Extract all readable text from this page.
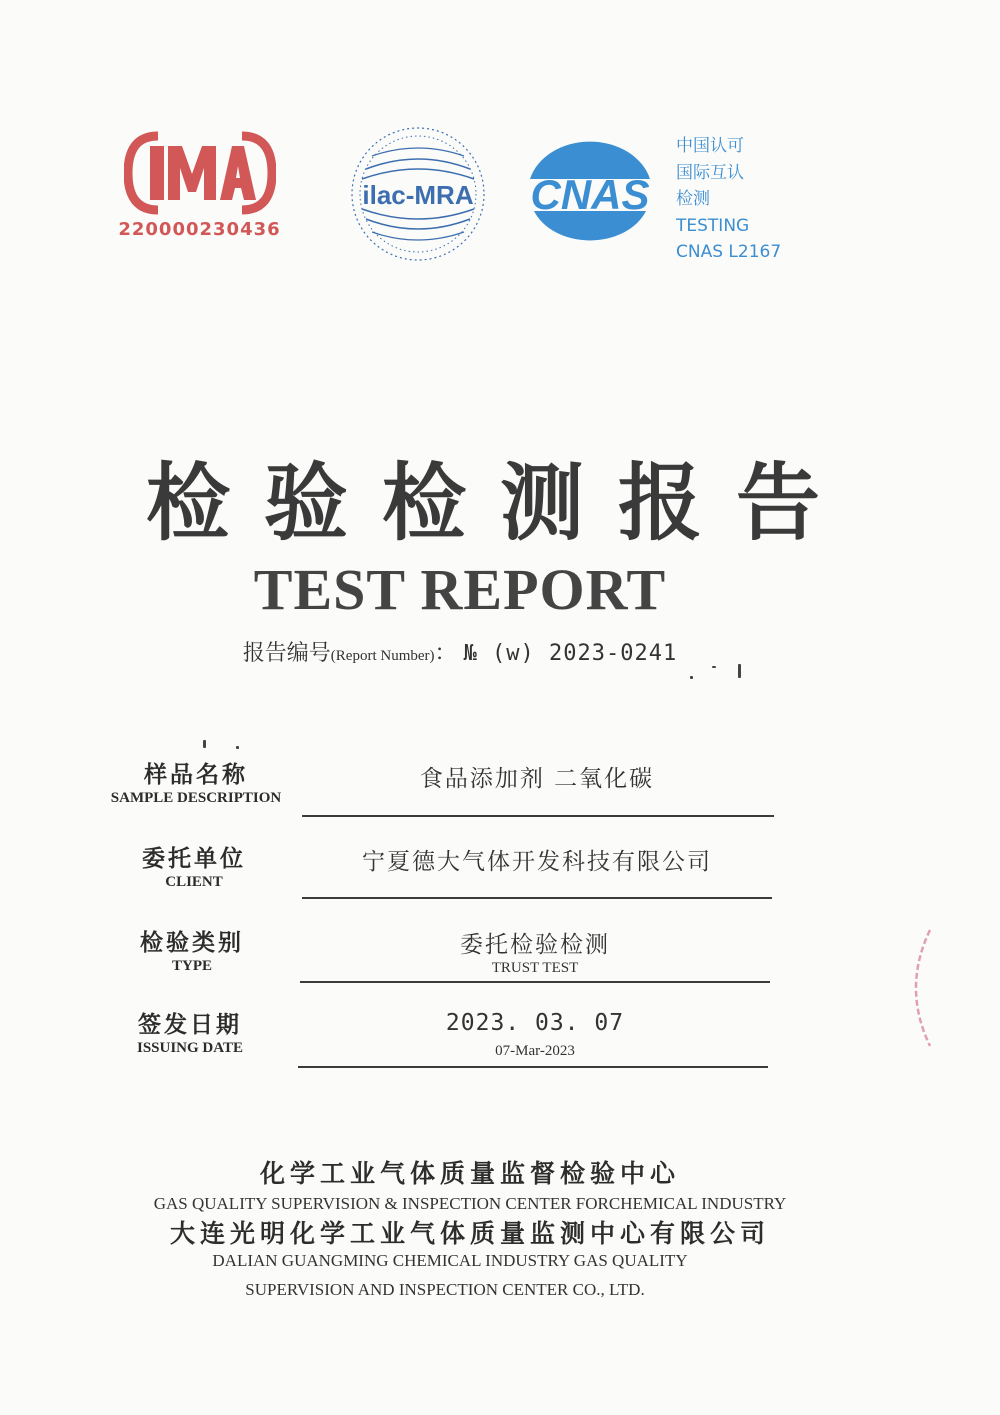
220000230436
ilac-MRA CNAS
中国认可
国际互认
检测
TESTING
CNAS L2167
检验检测报告
TEST REPORT
报告编号(Report Number)： № (w) 2023-0241
样品名称
SAMPLE DESCRIPTION
食品添加剂 二氧化碳
委托单位
CLIENT
宁夏德大气体开发科技有限公司
检验类别
TYPE
委托检验检测
TRUST TEST
签发日期
ISSUING DATE
2023. 03. 07
07-Mar-2023
化学工业气体质量监督检验中心
GAS QUALITY SUPERVISION & INSPECTION CENTER FORCHEMICAL INDUSTRY
大连光明化学工业气体质量监测中心有限公司
DALIAN GUANGMING CHEMICAL INDUSTRY GAS QUALITY
SUPERVISION AND INSPECTION CENTER CO., LTD.
